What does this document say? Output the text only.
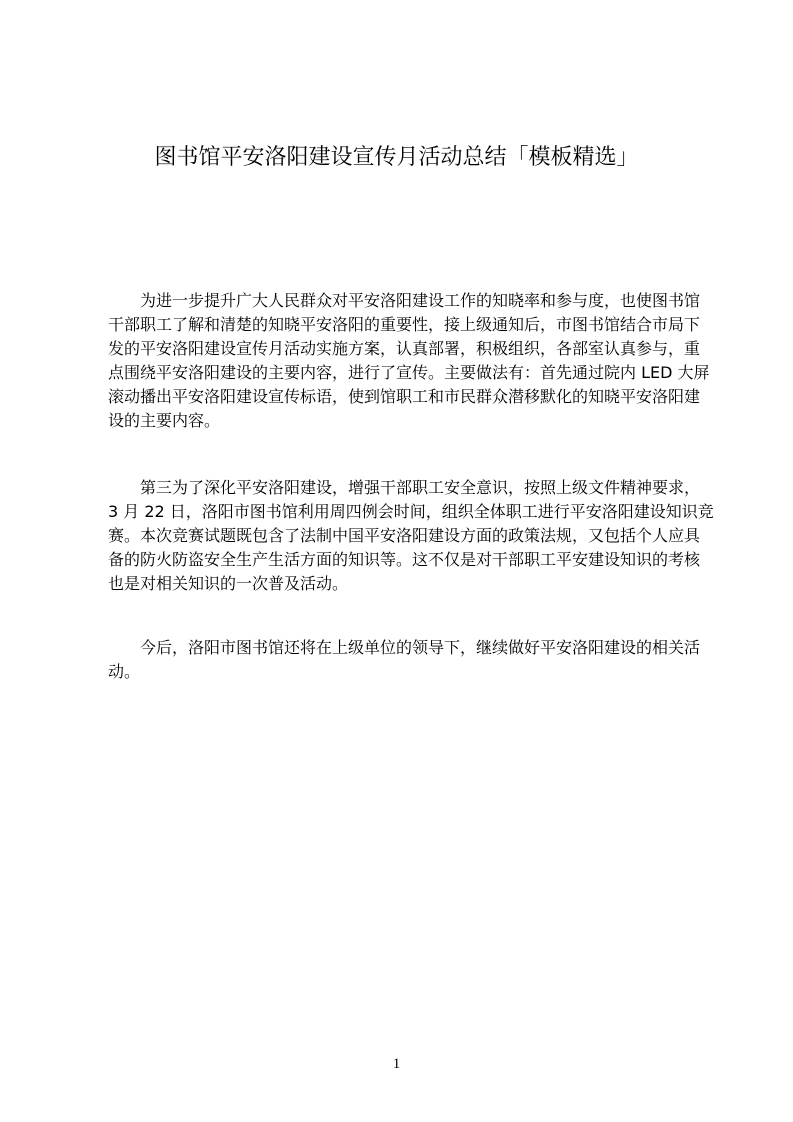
图书馆平安洛阳建设宣传月活动总结「模板精选」
为进一步提升广大人民群众对平安洛阳建设工作的知晓率和参与度，也使图书馆
干部职工了解和清楚的知晓平安洛阳的重要性，接上级通知后，市图书馆结合市局下
发的平安洛阳建设宣传月活动实施方案，认真部署，积极组织，各部室认真参与，重
点围绕平安洛阳建设的主要内容，进行了宣传。主要做法有：首先通过院内 LED 大屏
滚动播出平安洛阳建设宣传标语，使到馆职工和市民群众潜移默化的知晓平安洛阳建
设的主要内容。
第三为了深化平安洛阳建设，增强干部职工安全意识，按照上级文件精神要求，
3 月 22 日，洛阳市图书馆利用周四例会时间，组织全体职工进行平安洛阳建设知识竞
赛。本次竞赛试题既包含了法制中国平安洛阳建设方面的政策法规，又包括个人应具
备的防火防盗安全生产生活方面的知识等。这不仅是对干部职工平安建设知识的考核
也是对相关知识的一次普及活动。
今后，洛阳市图书馆还将在上级单位的领导下，继续做好平安洛阳建设的相关活
动。
1
